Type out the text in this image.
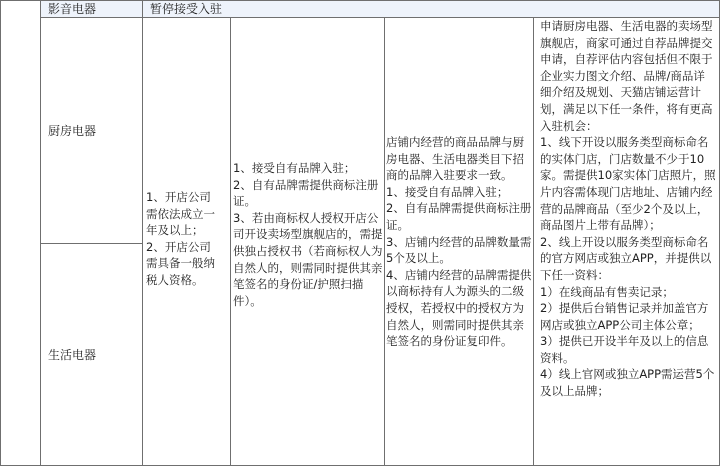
影音电器	暂停接受入驻
厨房电器
生活电器
1、开店公司
需依法成立一
年及以上；
2、开店公司
需具备一般纳
税人资格。
1、接受自有品牌入驻；
2、自有品牌需提供商标注册
证。
3、若由商标权人授权开店公
司开设卖场型旗舰店的，需提
供独占授权书（若商标权人为
自然人的，则需同时提供其亲
笔签名的身份证/护照扫描
件）。
店铺内经营的商品品牌与厨
房电器、生活电器类目下招
商的品牌入驻要求一致。
1、接受自有品牌入驻；
2、自有品牌需提供商标注册
证。
3、店铺内经营的品牌数量需
5个及以上。
4、店铺内经营的品牌需提供
以商标持有人为源头的二级
授权，若授权中的授权方为
自然人，则需同时提供其亲
笔签名的身份证复印件。
申请厨房电器、生活电器的卖场型
旗舰店，商家可通过自荐品牌提交
申请，自荐评估内容包括但不限于
企业实力图文介绍、品牌/商品详
细介绍及规划、天猫店铺运营计
划，满足以下任一条件，将有更高
入驻机会：
1、线下开设以服务类型商标命名
的实体门店，门店数量不少于10
家。需提供10家实体门店照片，照
片内容需体现门店地址、店铺内经
营的品牌商品（至少2个及以上，
商品图片上带有品牌）；
2、线上开设以服务类型商标命名
的官方网店或独立APP，并提供以
下任一资料：
1）在线商品有售卖记录；
2）提供后台销售记录并加盖官方
网店或独立APP公司主体公章；
3）提供已开设半年及以上的信息
资料。
4）线上官网或独立APP需运营5个
及以上品牌；
